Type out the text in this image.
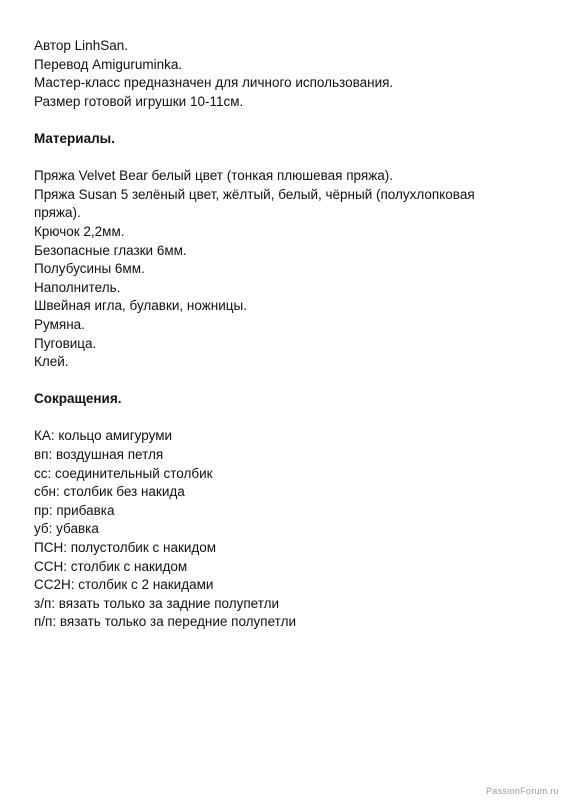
Автор LinhSan.

Перевод Amiguruminka.

Мастер-класс предназначен для личного использования.

Размер готовой игрушки 10-11см.

Материалы.

Пряжа Velvet Bear белый цвет (тонкая плюшевая пряжа).

Пряжа Susan 5 зелёный цвет, жёлтый, белый, чёрный (полухлопковая

пряжа).

Крючок 2,2мм.

Безопасные глазки 6мм.

Полубусины 6мм.

Наполнитель.

Швейная игла, булавки, ножницы.

Румяна.

Пуговица.

Клей.

Сокращения.

КА: кольцо амигуруми

вп: воздушная петля

сс: соединительный столбик

сбн: столбик без накида

пр: прибавка

уб: убавка

ПСН: полустолбик с накидом

ССН: столбик с накидом

СС2Н: столбик с 2 накидами

з/п: вязать только за задние полупетли

п/п: вязать только за передние полупетли

PassionForum.ru
